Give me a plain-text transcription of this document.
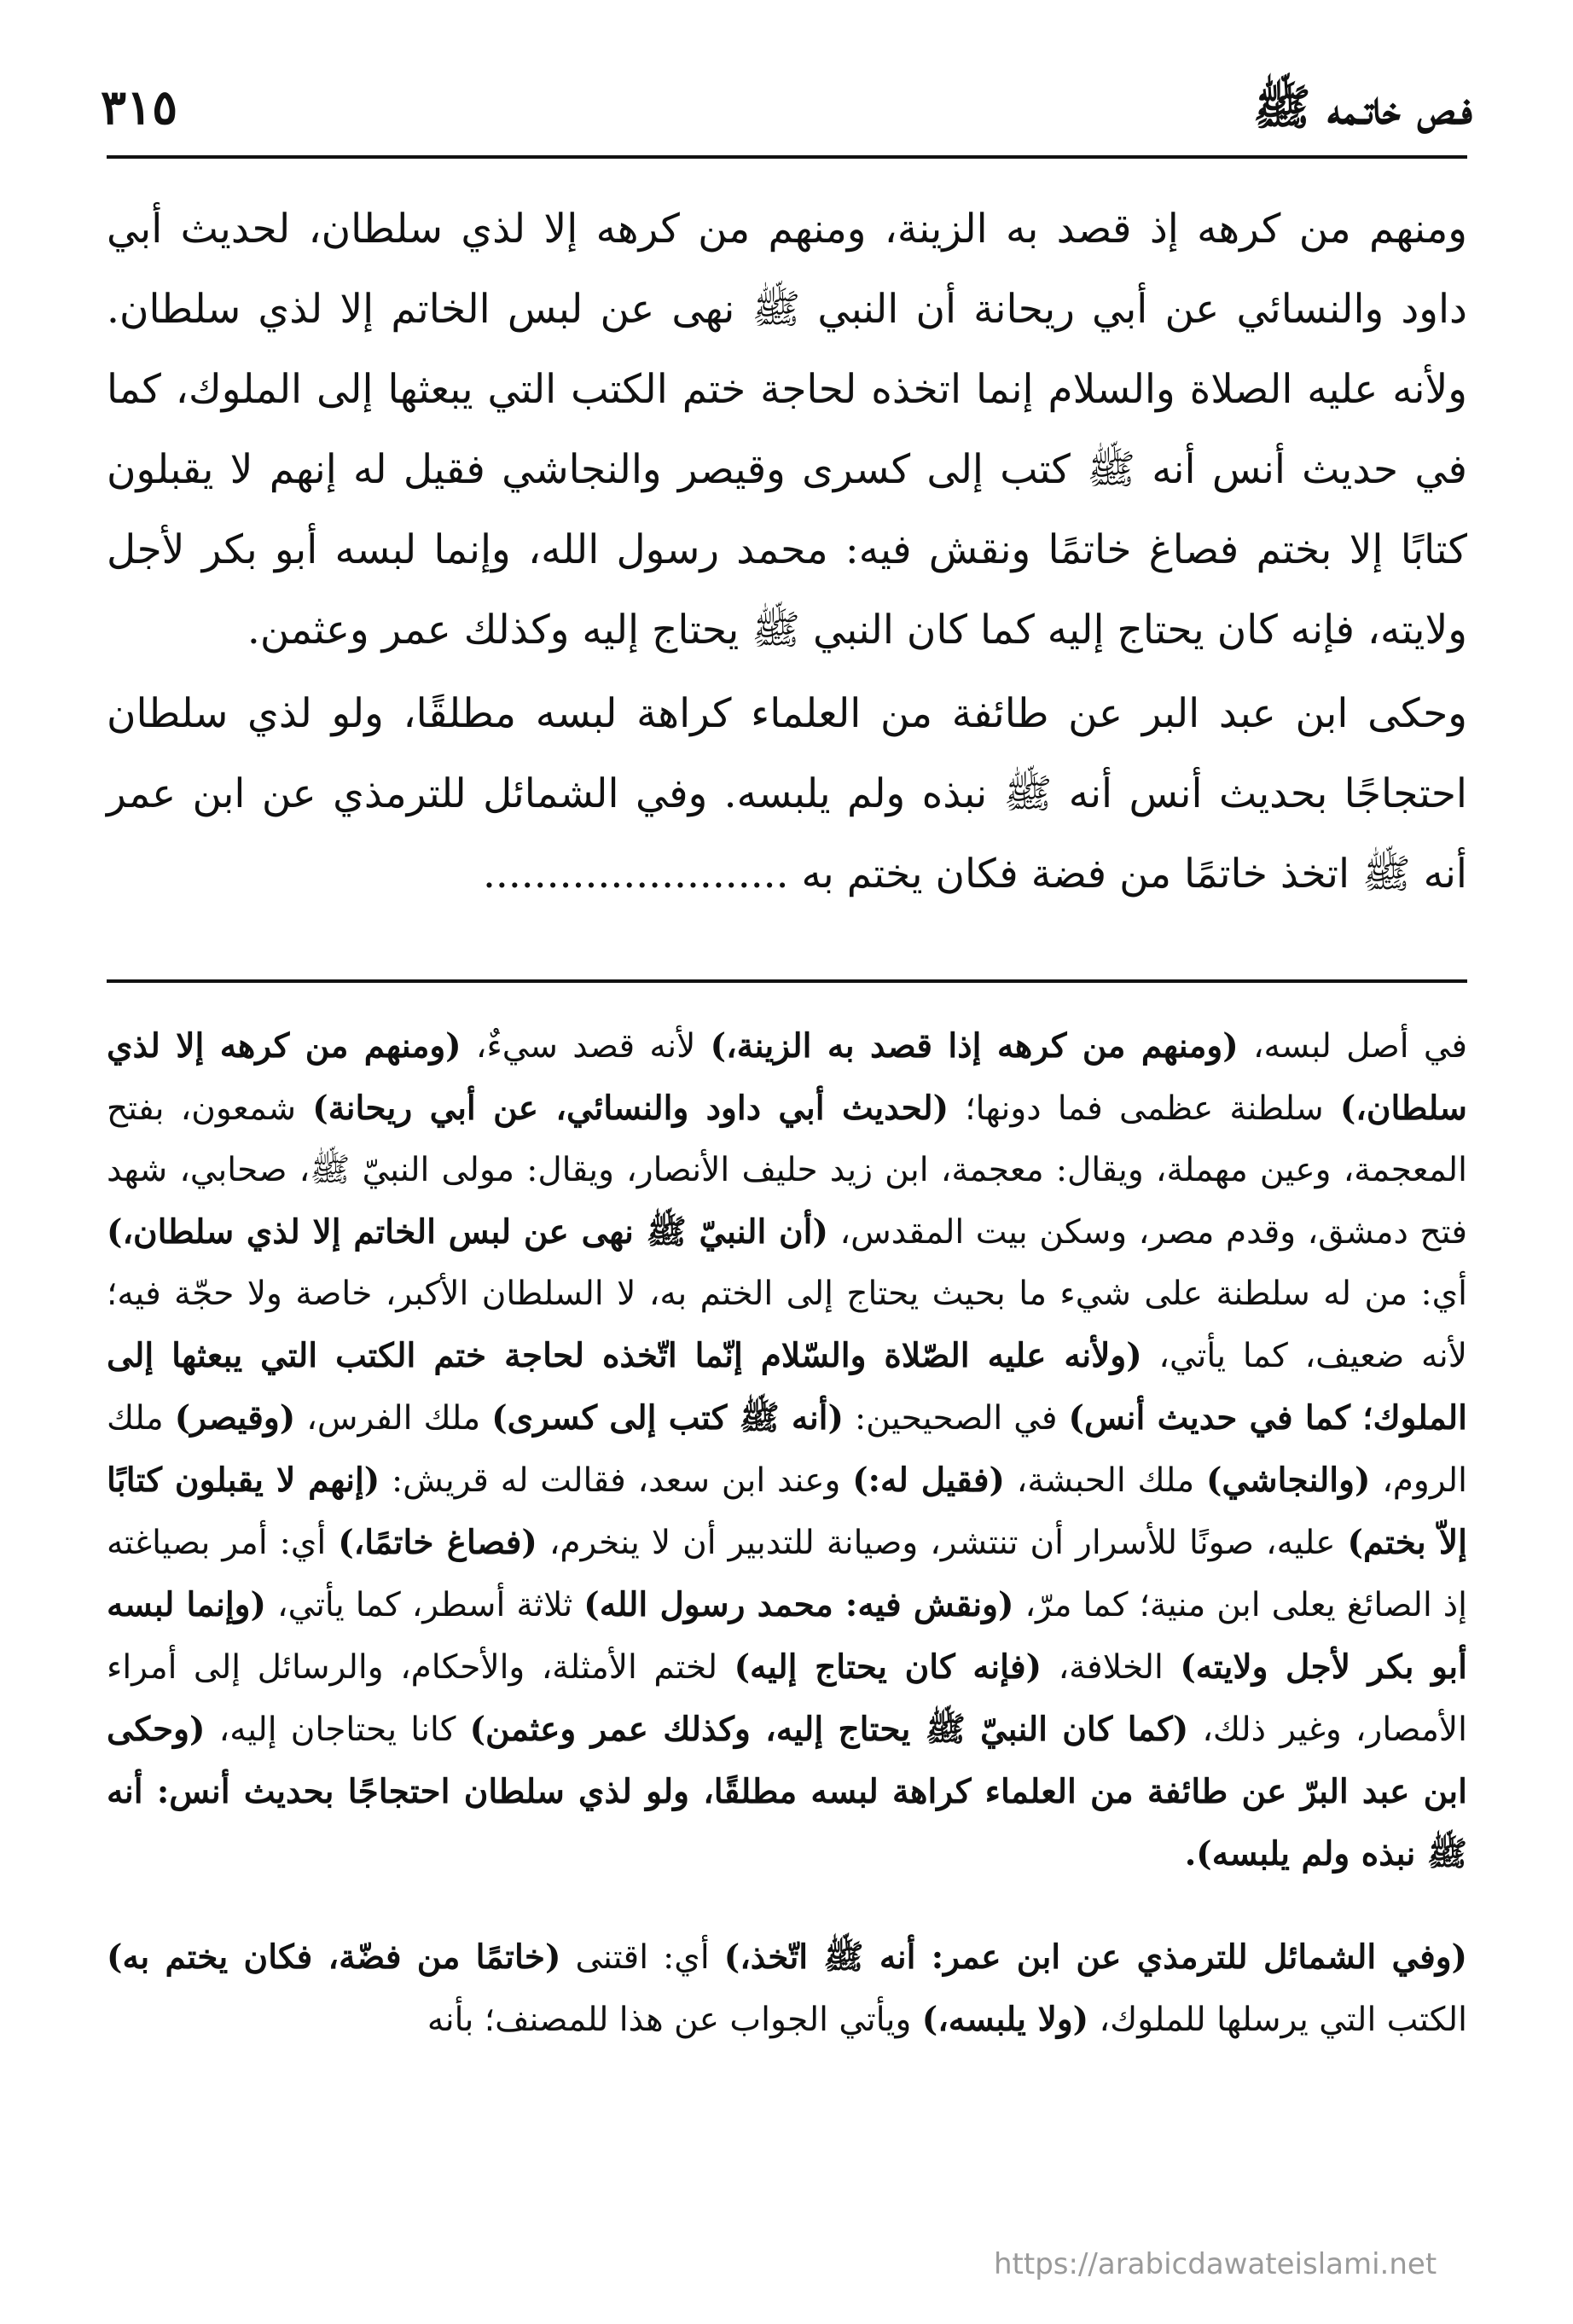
فـص خاتـمه ﷺ
٣١٥

ومنهم من كرهه إذ قصد به الزينة، ومنهم من كرهه إلا لذي سلطان، لحديث أبي داود والنسائي عن أبي ريحانة أن النبي ﷺ نهى عن لبس الخاتم إلا لذي سلطان. ولأنه عليه الصلاة والسلام إنما اتخذه لحاجة ختم الكتب التي يبعثها إلى الملوك، كما في حديث أنس أنه ﷺ كتب إلى كسرى وقيصر والنجاشي فقيل له إنهم لا يقبلون كتابًا إلا بختم فصاغ خاتمًا ونقش فيه: محمد رسول الله، وإنما لبسه أبو بكر لأجل ولايته، فإنه كان يحتاج إليه كما كان النبي ﷺ يحتاج إليه وكذلك عمر وعثمن.

وحكى ابن عبد البر عن طائفة من العلماء كراهة لبسه مطلقًا، ولو لذي سلطان احتجاجًا بحديث أنس أنه ﷺ نبذه ولم يلبسه. وفي الشمائل للترمذي عن ابن عمر أنه ﷺ اتخذ خاتمًا من فضة فكان يختم به ........................

في أصل لبسه، (ومنهم من كرهه إذا قصد به الزينة،) لأنه قصد سيءٌ، (ومنهم من كرهه إلا لذي سلطان،) سلطنة عظمى فما دونها؛ (لحديث أبي داود والنسائي، عن أبي ريحانة) شمعون، بفتح المعجمة، وعين مهملة، ويقال: معجمة، ابن زيد حليف الأنصار، ويقال: مولى النبيّ ﷺ، صحابي، شهد فتح دمشق، وقدم مصر، وسكن بيت المقدس، (أن النبيّ ﷺ نهى عن لبس الخاتم إلا لذي سلطان،) أي: من له سلطنة على شيء ما بحيث يحتاج إلى الختم به، لا السلطان الأكبر، خاصة ولا حجّة فيه؛ لأنه ضعيف، كما يأتي، (ولأنه عليه الصّلاة والسّلام إنّما اتّخذه لحاجة ختم الكتب التي يبعثها إلى الملوك؛ كما في حديث أنس) في الصحيحين: (أنه ﷺ كتب إلى كسرى) ملك الفرس، (وقيصر) ملك الروم، (والنجاشي) ملك الحبشة، (فقيل له:) وعند ابن سعد، فقالت له قريش: (إنهم لا يقبلون كتابًا إلاّ بختم) عليه، صونًا للأسرار أن تنتشر، وصيانة للتدبير أن لا ينخرم، (فصاغ خاتمًا،) أي: أمر بصياغته إذ الصائغ يعلى ابن منية؛ كما مرّ، (ونقش فيه: محمد رسول الله) ثلاثة أسطر، كما يأتي، (وإنما لبسه أبو بكر لأجل ولايته) الخلافة، (فإنه كان يحتاج إليه) لختم الأمثلة، والأحكام، والرسائل إلى أمراء الأمصار، وغير ذلك، (كما كان النبيّ ﷺ يحتاج إليه، وكذلك عمر وعثمن) كانا يحتاجان إليه، (وحكى ابن عبد البرّ عن طائفة من العلماء كراهة لبسه مطلقًا، ولو لذي سلطان احتجاجًا بحديث أنس: أنه ﷺ نبذه ولم يلبسه).

(وفي الشمائل للترمذي عن ابن عمر: أنه ﷺ اتّخذ،) أي: اقتنى (خاتمًا من فضّة، فكان يختم به) الكتب التي يرسلها للملوك، (ولا يلبسه،) ويأتي الجواب عن هذا للمصنف؛ بأنه

https://arabicdawateislami.net
